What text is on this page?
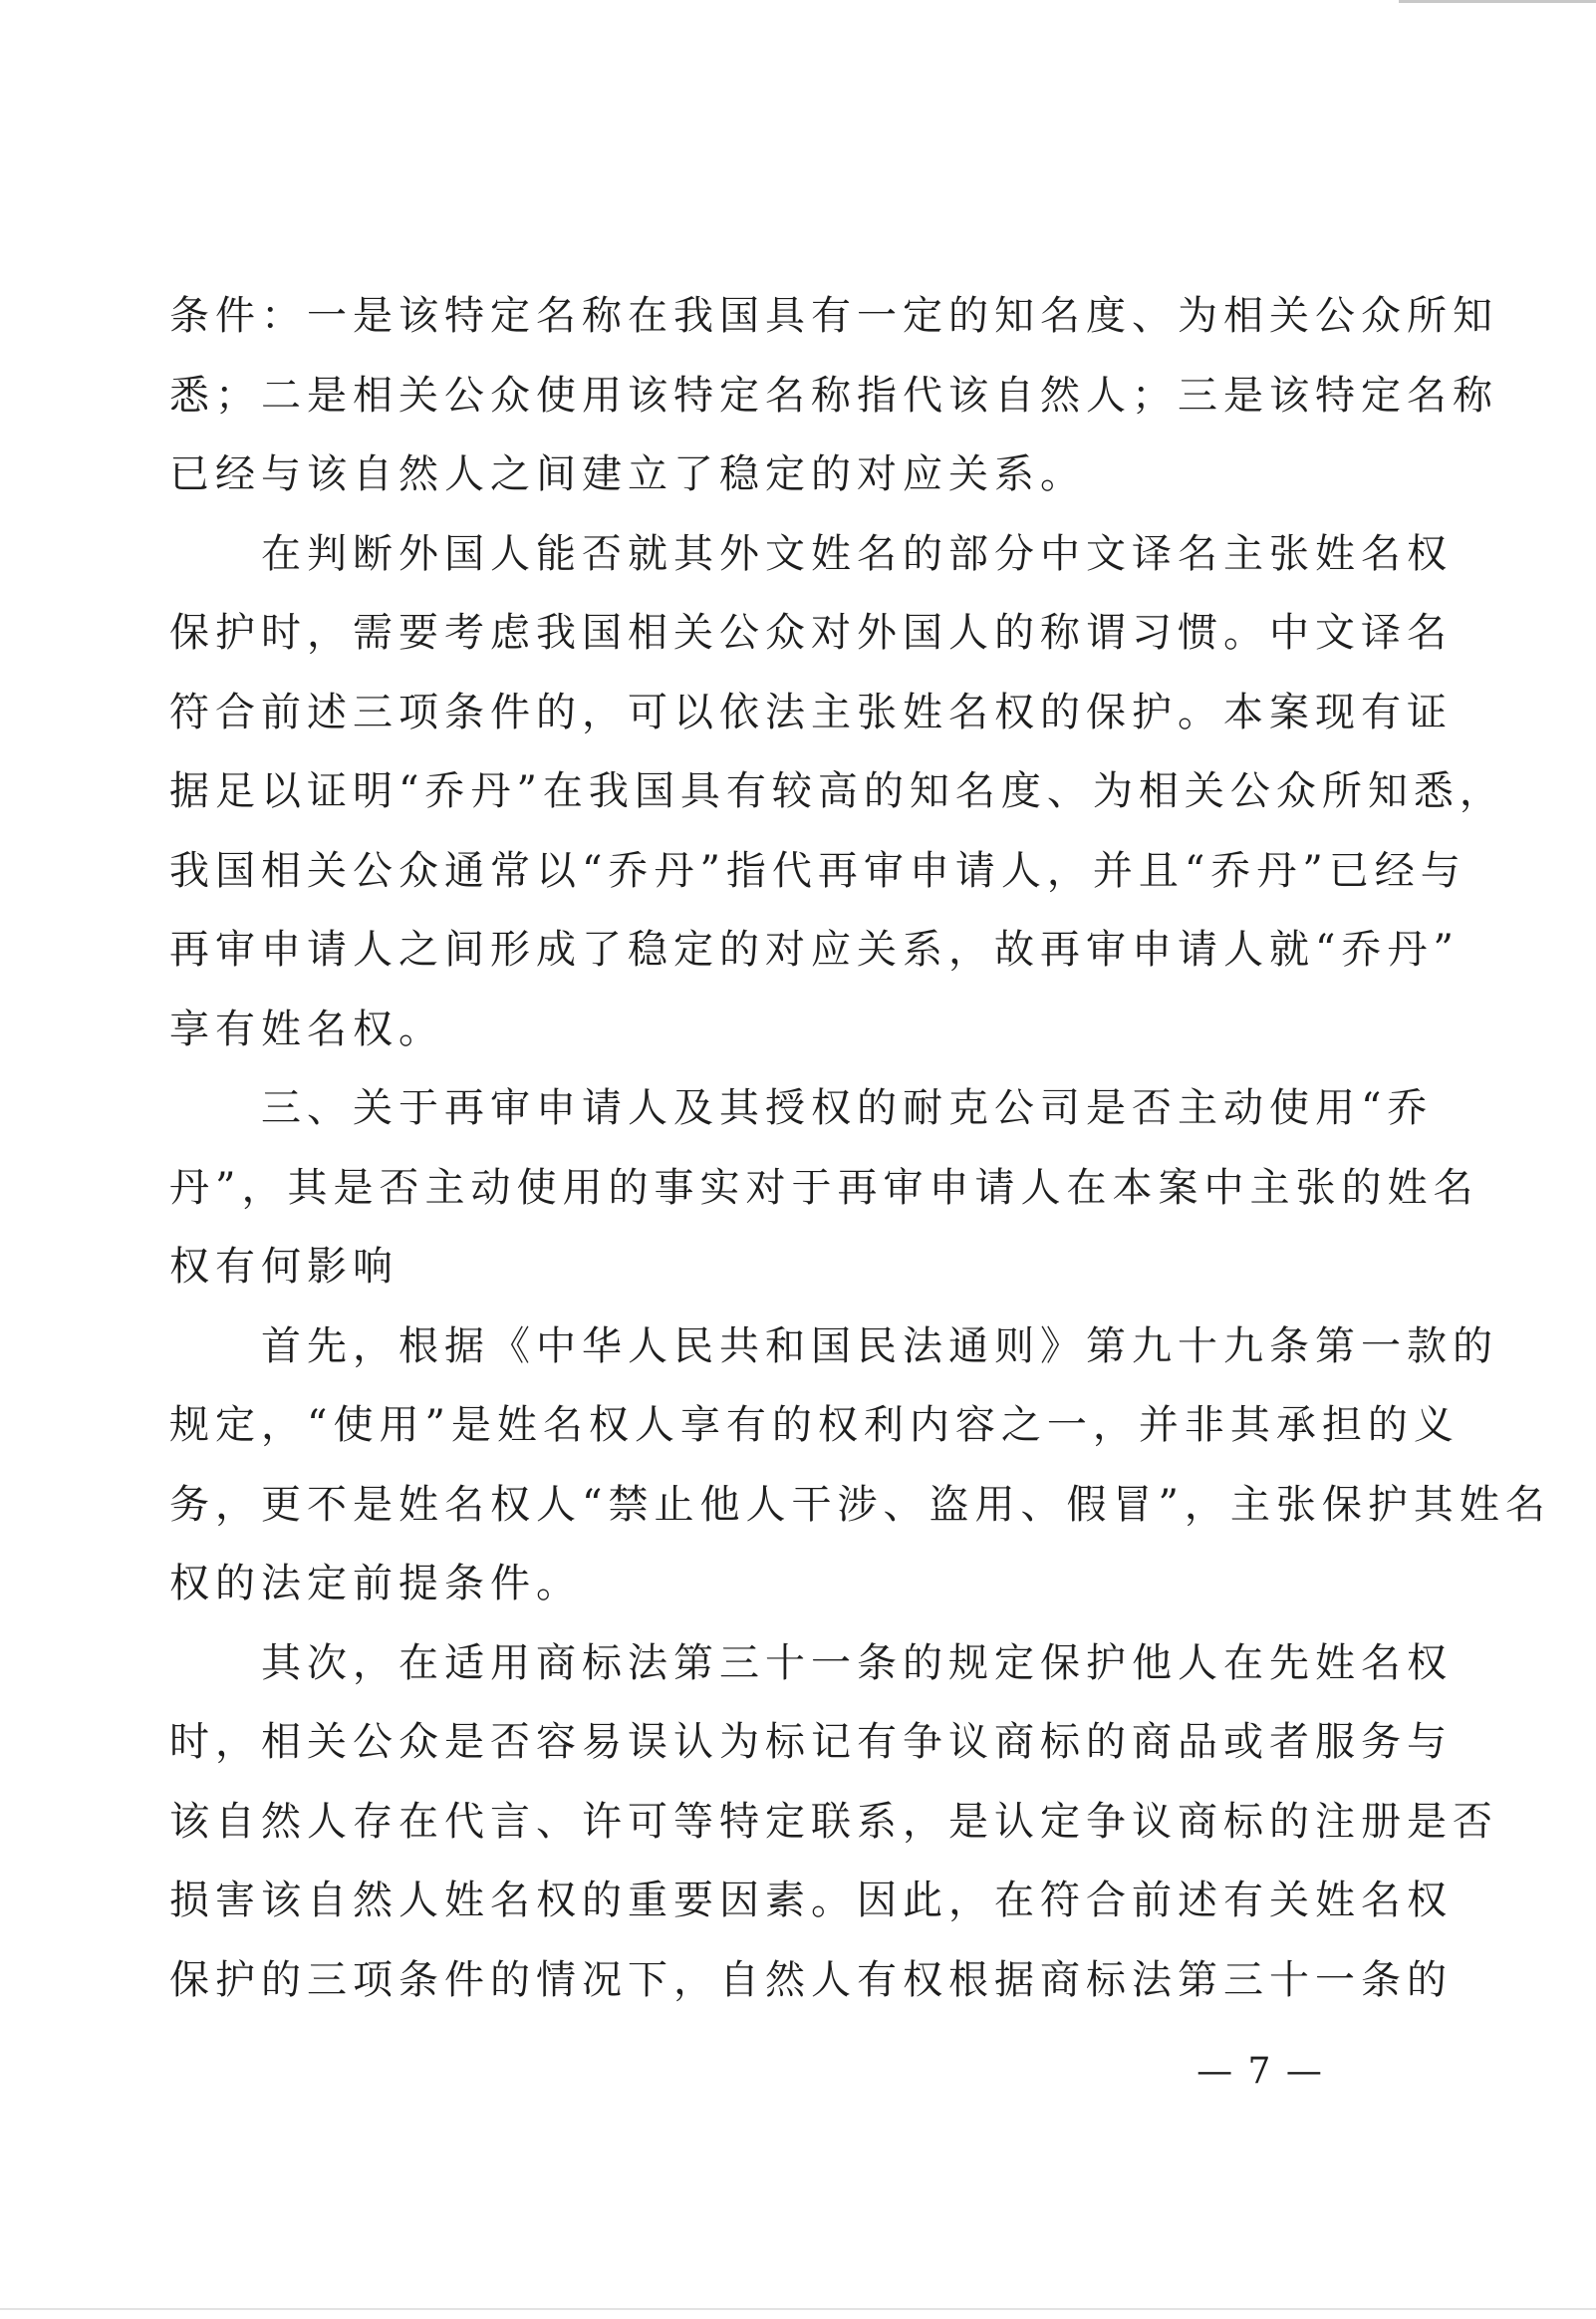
条件：一是该特定名称在我国具有一定的知名度、为相关公众所知
悉；二是相关公众使用该特定名称指代该自然人；三是该特定名称
已经与该自然人之间建立了稳定的对应关系。
　　在判断外国人能否就其外文姓名的部分中文译名主张姓名权
保护时，需要考虑我国相关公众对外国人的称谓习惯。中文译名
符合前述三项条件的，可以依法主张姓名权的保护。本案现有证
据足以证明“乔丹”在我国具有较高的知名度、为相关公众所知悉，
我国相关公众通常以“乔丹”指代再审申请人，并且“乔丹”已经与
再审申请人之间形成了稳定的对应关系，故再审申请人就“乔丹”
享有姓名权。
　　三、关于再审申请人及其授权的耐克公司是否主动使用“乔
丹”，其是否主动使用的事实对于再审申请人在本案中主张的姓名
权有何影响
　　首先，根据《中华人民共和国民法通则》第九十九条第一款的
规定，“使用”是姓名权人享有的权利内容之一，并非其承担的义
务，更不是姓名权人“禁止他人干涉、盗用、假冒”，主张保护其姓名
权的法定前提条件。
　　其次，在适用商标法第三十一条的规定保护他人在先姓名权
时，相关公众是否容易误认为标记有争议商标的商品或者服务与
该自然人存在代言、许可等特定联系，是认定争议商标的注册是否
损害该自然人姓名权的重要因素。因此，在符合前述有关姓名权
保护的三项条件的情况下，自然人有权根据商标法第三十一条的
— 7 —
